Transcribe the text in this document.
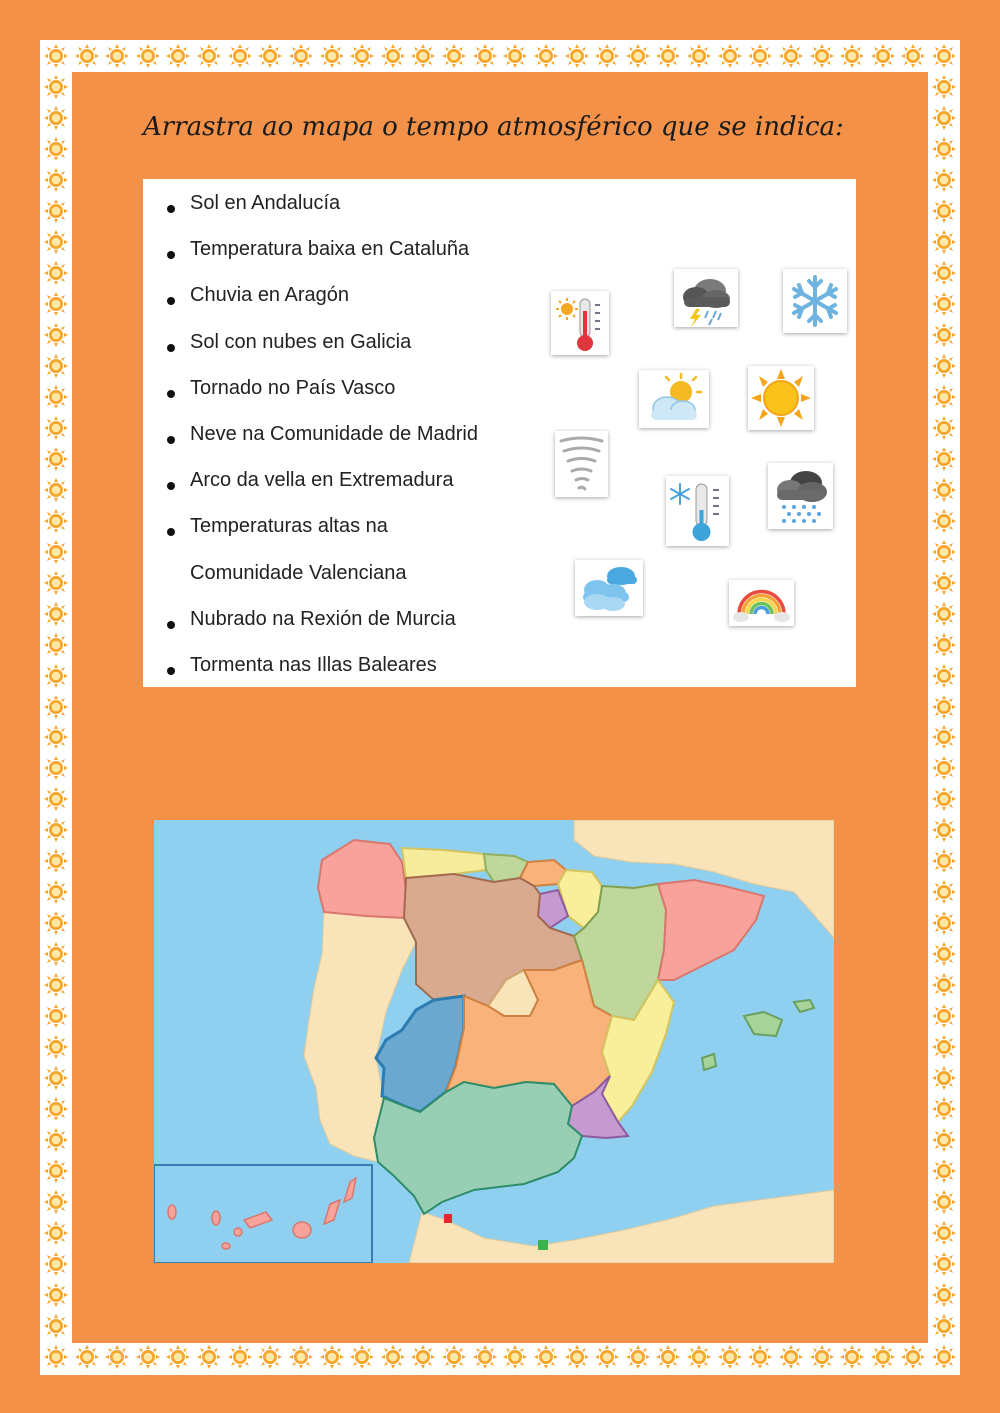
Arrastra ao mapa o tempo atmosférico que se indica:
Sol en Andalucía
Temperatura baixa en Cataluña
Chuvia en Aragón
Sol con nubes en Galicia
Tornado no País Vasco
Neve na Comunidade de Madrid
Arco da vella en Extremadura
Temperaturas altas na
Comunidade Valenciana
Nubrado na Rexión de Murcia
Tormenta nas Illas Baleares
